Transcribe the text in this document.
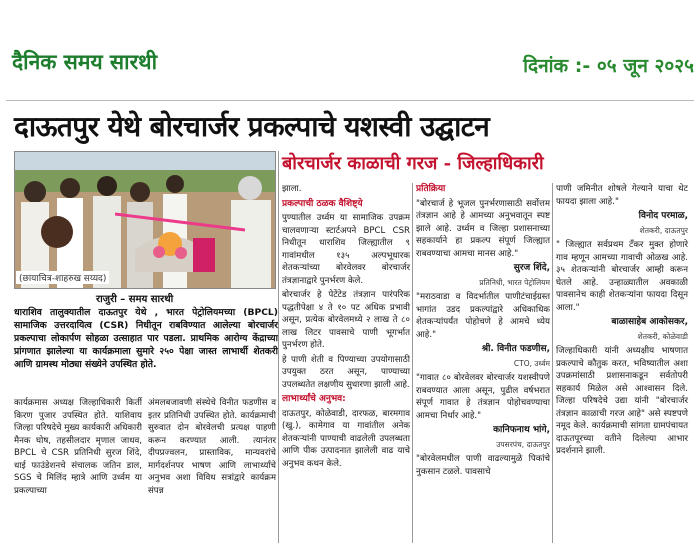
दैनिक समय सारथी	दिनांक :- ०५ जून २०२५
दाऊतपुर येथे बोरचार्जर प्रकल्पाचे यशस्वी उद्घाटन
(छायाचित्र-शाहरुख सय्यद)
बोरचार्जर काळाची गरज - जिल्हाधिकारी
राजुरी – समय सारथी
धाराशिव तालुक्यातील दाऊतपुर येथे , भारत पेट्रोलियमच्या (BPCL) सामाजिक उत्तरदायित्व (CSR) निधीतून राबविण्यात आलेल्या बोरचार्जर प्रकल्पाचा लोकार्पण सोहळा उत्साहात पार पडला. प्राथमिक आरोग्य केंद्राच्या प्रांगणात झालेल्या या कार्यक्रमाला सुमारे २५० पेक्षा जास्त लाभार्थी शेतकरी आणि ग्रामस्थ मोठ्या संख्येने उपस्थित होते.

कार्यक्रमास अध्यक्ष जिल्हाधिकारी किर्ती किरण पुजार उपस्थित होते. याशिवाय जिल्हा परिषदेचे मुख्य कार्यकारी अधिकारी मैनक घोष, तहसीलदार मृणाल जाधव, BPCL चे CSR प्रतिनिधी सुरज शिंदे, धाई फाउंडेशनचे संचालक जतिन डाल, SGS चे मिलिंद म्हात्रे आणि उर्ध्वम या प्रकल्पाच्या

अंमलबजावणी संस्थेचे विनीत फडणीस व इतर प्रतिनिधी उपस्थित होते. कार्यक्रमाची सुरुवात दोन बोरवेलची प्रत्यक्ष पाहणी करून करण्यात आली. त्यानंतर दीपप्रज्वलन, प्रास्ताविक, मान्यवरांचे मार्गदर्शनपर भाषण आणि लाभार्थ्यांचे अनुभव अशा विविध सत्रांद्वारे कार्यक्रम संपन्न

झाला.

प्रकल्पाची ठळक वैशिष्ट्ये

पुण्यातील उर्ध्वम या सामाजिक उपक्रम चालवणाऱ्या स्टार्टअपने BPCL CSR निधीतून धाराशिव जिल्ह्यातील ९ गावांमधील १३५ अल्पभूधारक शेतकऱ्यांच्या बोरवेलवर बोरचार्जर तंत्रज्ञानाद्वारे पुनर्भरण केले.

बोरचार्जर हे पेटेंटेड तंत्रज्ञान पारंपरिक पद्धतीपेक्षा ४ ते १० पट अधिक प्रभावी असून, प्रत्येक बोरवेलमध्ये २ लाख ते ८० लाख लिटर पावसाचे पाणी भूगर्भात पुनर्भरण होते.

हे पाणी शेती व पिण्याच्या उपयोगासाठी उपयुक्त ठरत असून, पाण्याच्या उपलब्धतेत लक्षणीय सुधारणा झाली आहे.

लाभार्थ्यांचे अनुभव:

दाऊतपुर, कोळेवाडी, दारफळ, बारमगाव (खु.), कामेगाव या गावांतील अनेक शेतकऱ्यांनी पाण्याची वाढलेली उपलब्धता आणि पीक उत्पादनात झालेली वाढ याचे अनुभव कथन केले.

प्रतिक्रिया

"बोरचार्ज हे भूजल पुनर्भरणासाठी सर्वोत्तम तंत्रज्ञान आहे हे आमच्या अनुभवातून स्पष्ट झाले आहे. उर्ध्वम व जिल्हा प्रशासनाच्या सहकार्याने हा प्रकल्प संपूर्ण जिल्ह्यात राबवण्याचा आमचा मानस आहे."

सुरज शिंदे,

प्रतिनिधी, भारत पेट्रोलियम

"मराठवाडा व विदर्भातील पाणीटंचाईग्रस्त भागांत उडद प्रकल्पांद्वारे अधिकाधिक शेतकऱ्यांपर्यंत पोहोचणे हे आमचे ध्येय आहे."

श्री. विनीत फडणीस,

CTO, उर्ध्वम

"गावात ८० बोरवेलवर बोरचार्जर यशस्वीपणे राबवण्यात आला असून, पुढील वर्षभरात संपूर्ण गावात हे तंत्रज्ञान पोहोचवण्याचा आमचा निर्धार आहे."

कानिफनाथ भांगे,

उपसरपंच, दाऊतपुर

"बोरवेलमधील पाणी वाढल्यामुळे पिकांचे नुकसान टळले. पावसाचे

पाणी जमिनीत शोषले गेल्याने याचा थेट फायदा झाला आहे."

विनोद परमाळ,

शेतकरी, दाऊतपुर

" जिल्ह्यात सर्वप्रथम टँकर मुक्त होणारे गाव म्हणून आमच्या गावाची ओळख आहे. ३५ शेतकऱ्यांनी बोरचार्जर आम्ही करून घेतले आहे. उन्हाळ्यातील अवकाळी पावसानेच काही शेतकऱ्यांना फायदा दिसून आला."

बाळासाहेब आकोसकर,

शेतकरी, कोळेवाडी

जिल्हाधिकारी यांनी अध्यक्षीय भाषणात प्रकल्पाचे कौतुक करत, भविष्यातील अशा उपक्रमांसाठी प्रशासनाकडून सर्वतोपरी सहकार्य मिळेल असे आश्वासन दिले. जिल्हा परिषदेचे उद्या यांनी "बोरचार्जर तंत्रज्ञान काळाची गरज आहे" असे स्पष्टपणे नमूद केले. कार्यक्रमाची सांगता ग्रामपंचायत दाऊतपूरच्या वतीने दिलेल्या आभार प्रदर्शनाने झाली.
